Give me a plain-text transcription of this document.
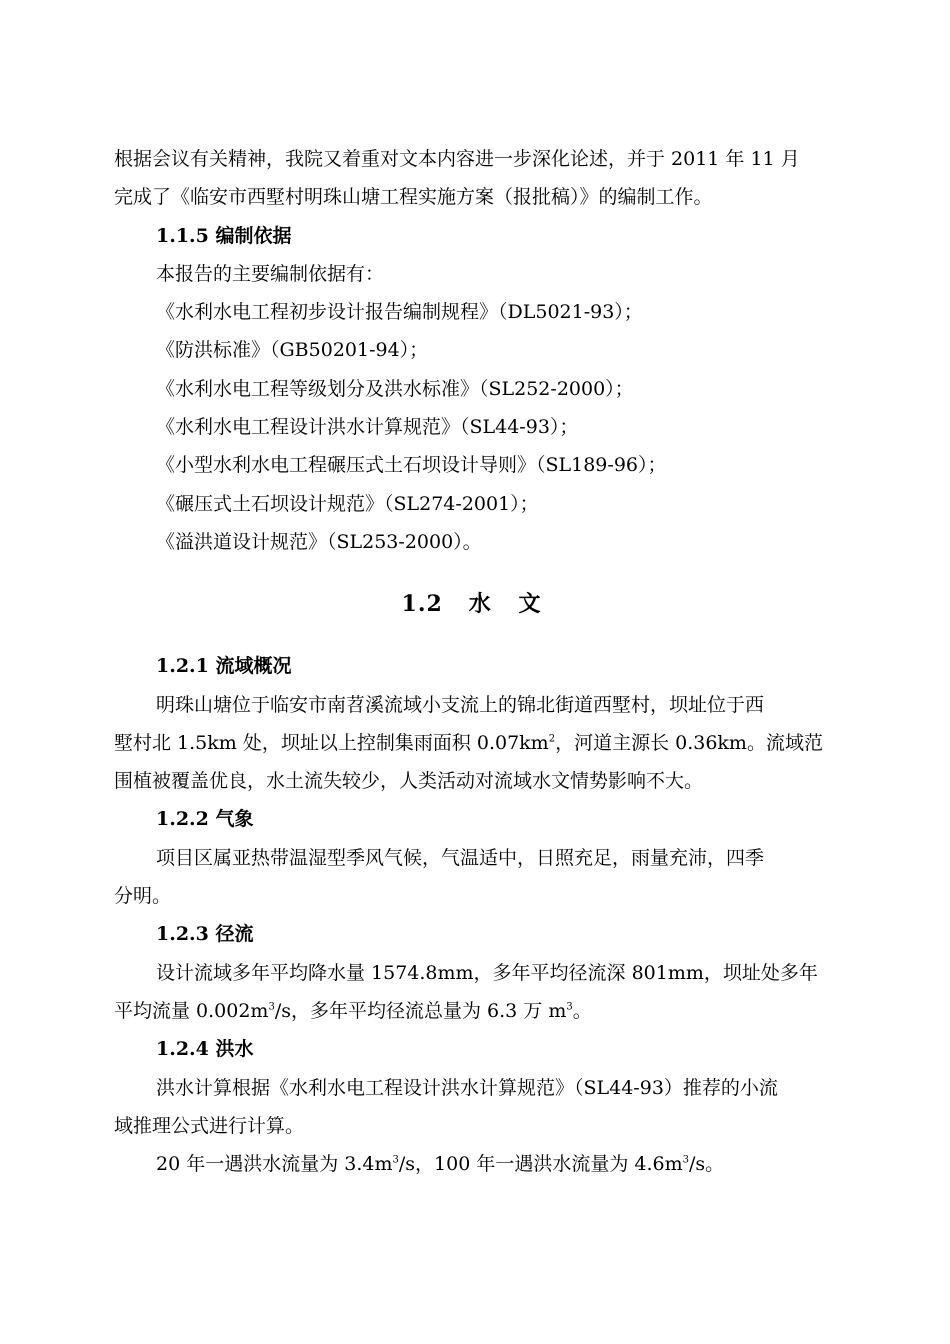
根据会议有关精神，我院又着重对文本内容进一步深化论述，并于 2011 年 11 月
完成了《临安市西墅村明珠山塘工程实施方案（报批稿）》的编制工作。
1.1.5 编制依据
本报告的主要编制依据有：
《水利水电工程初步设计报告编制规程》（DL5021-93）；
《防洪标准》（GB50201-94）；
《水利水电工程等级划分及洪水标准》（SL252-2000）；
《水利水电工程设计洪水计算规范》（SL44-93）；
《小型水利水电工程碾压式土石坝设计导则》（SL189-96）；
《碾压式土石坝设计规范》（SL274-2001）；
《溢洪道设计规范》（SL253-2000）。
1.2 水 文
1.2.1 流域概况
明珠山塘位于临安市南苕溪流域小支流上的锦北街道西墅村，坝址位于西
墅村北 1.5km 处，坝址以上控制集雨面积 $0.07km^2$，河道主源长 0.36km。流域范
围植被覆盖优良，水土流失较少，人类活动对流域水文情势影响不大。
1.2.2 气象
项目区属亚热带温湿型季风气候，气温适中，日照充足，雨量充沛，四季
分明。
1.2.3 径流
设计流域多年平均降水量 1574.8mm，多年平均径流深 801mm，坝址处多年
平均流量 $0.002m^3/s$，多年平均径流总量为 6.3 万 $m^3$。
1.2.4 洪水
洪水计算根据《水利水电工程设计洪水计算规范》（SL44-93）推荐的小流
域推理公式进行计算。
20 年一遇洪水流量为 $3.4m^3/s$，100 年一遇洪水流量为 $4.6m^3/s$。
